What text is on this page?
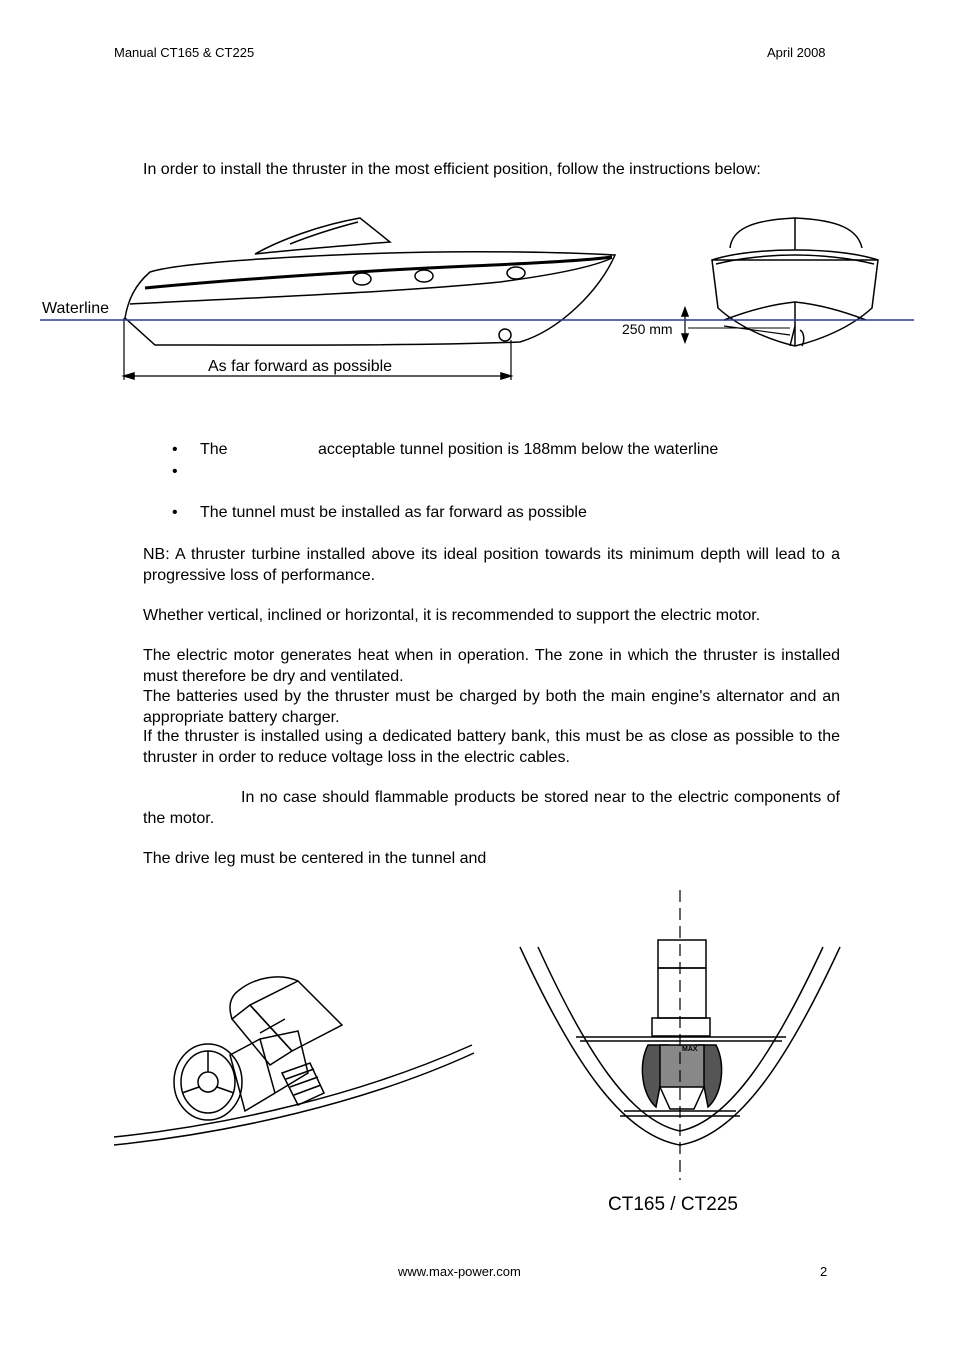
Manual CT165 & CT225	April 2008
In order to install the thruster in the most efficient position, follow the instructions below:
Waterline
250 mm
As far forward as possible
• The	acceptable tunnel position is 188mm below the waterline
•
• The tunnel must be installed as far forward as possible
NB: A thruster turbine installed above its ideal position towards its minimum depth will lead to a progressive loss of performance.
Whether vertical, inclined or horizontal, it is recommended to support the electric motor.
The electric motor generates heat when in operation. The zone in which the thruster is installed must therefore be dry and ventilated.
The batteries used by the thruster must be charged by both the main engine's alternator and an appropriate battery charger.
If the thruster is installed using a dedicated battery bank, this must be as close as possible to the thruster in order to reduce voltage loss in the electric cables.
In no case should flammable products be stored near to the electric components of the motor.
The drive leg must be centered in the tunnel and
MAX
CT165 / CT225
www.max-power.com	2
